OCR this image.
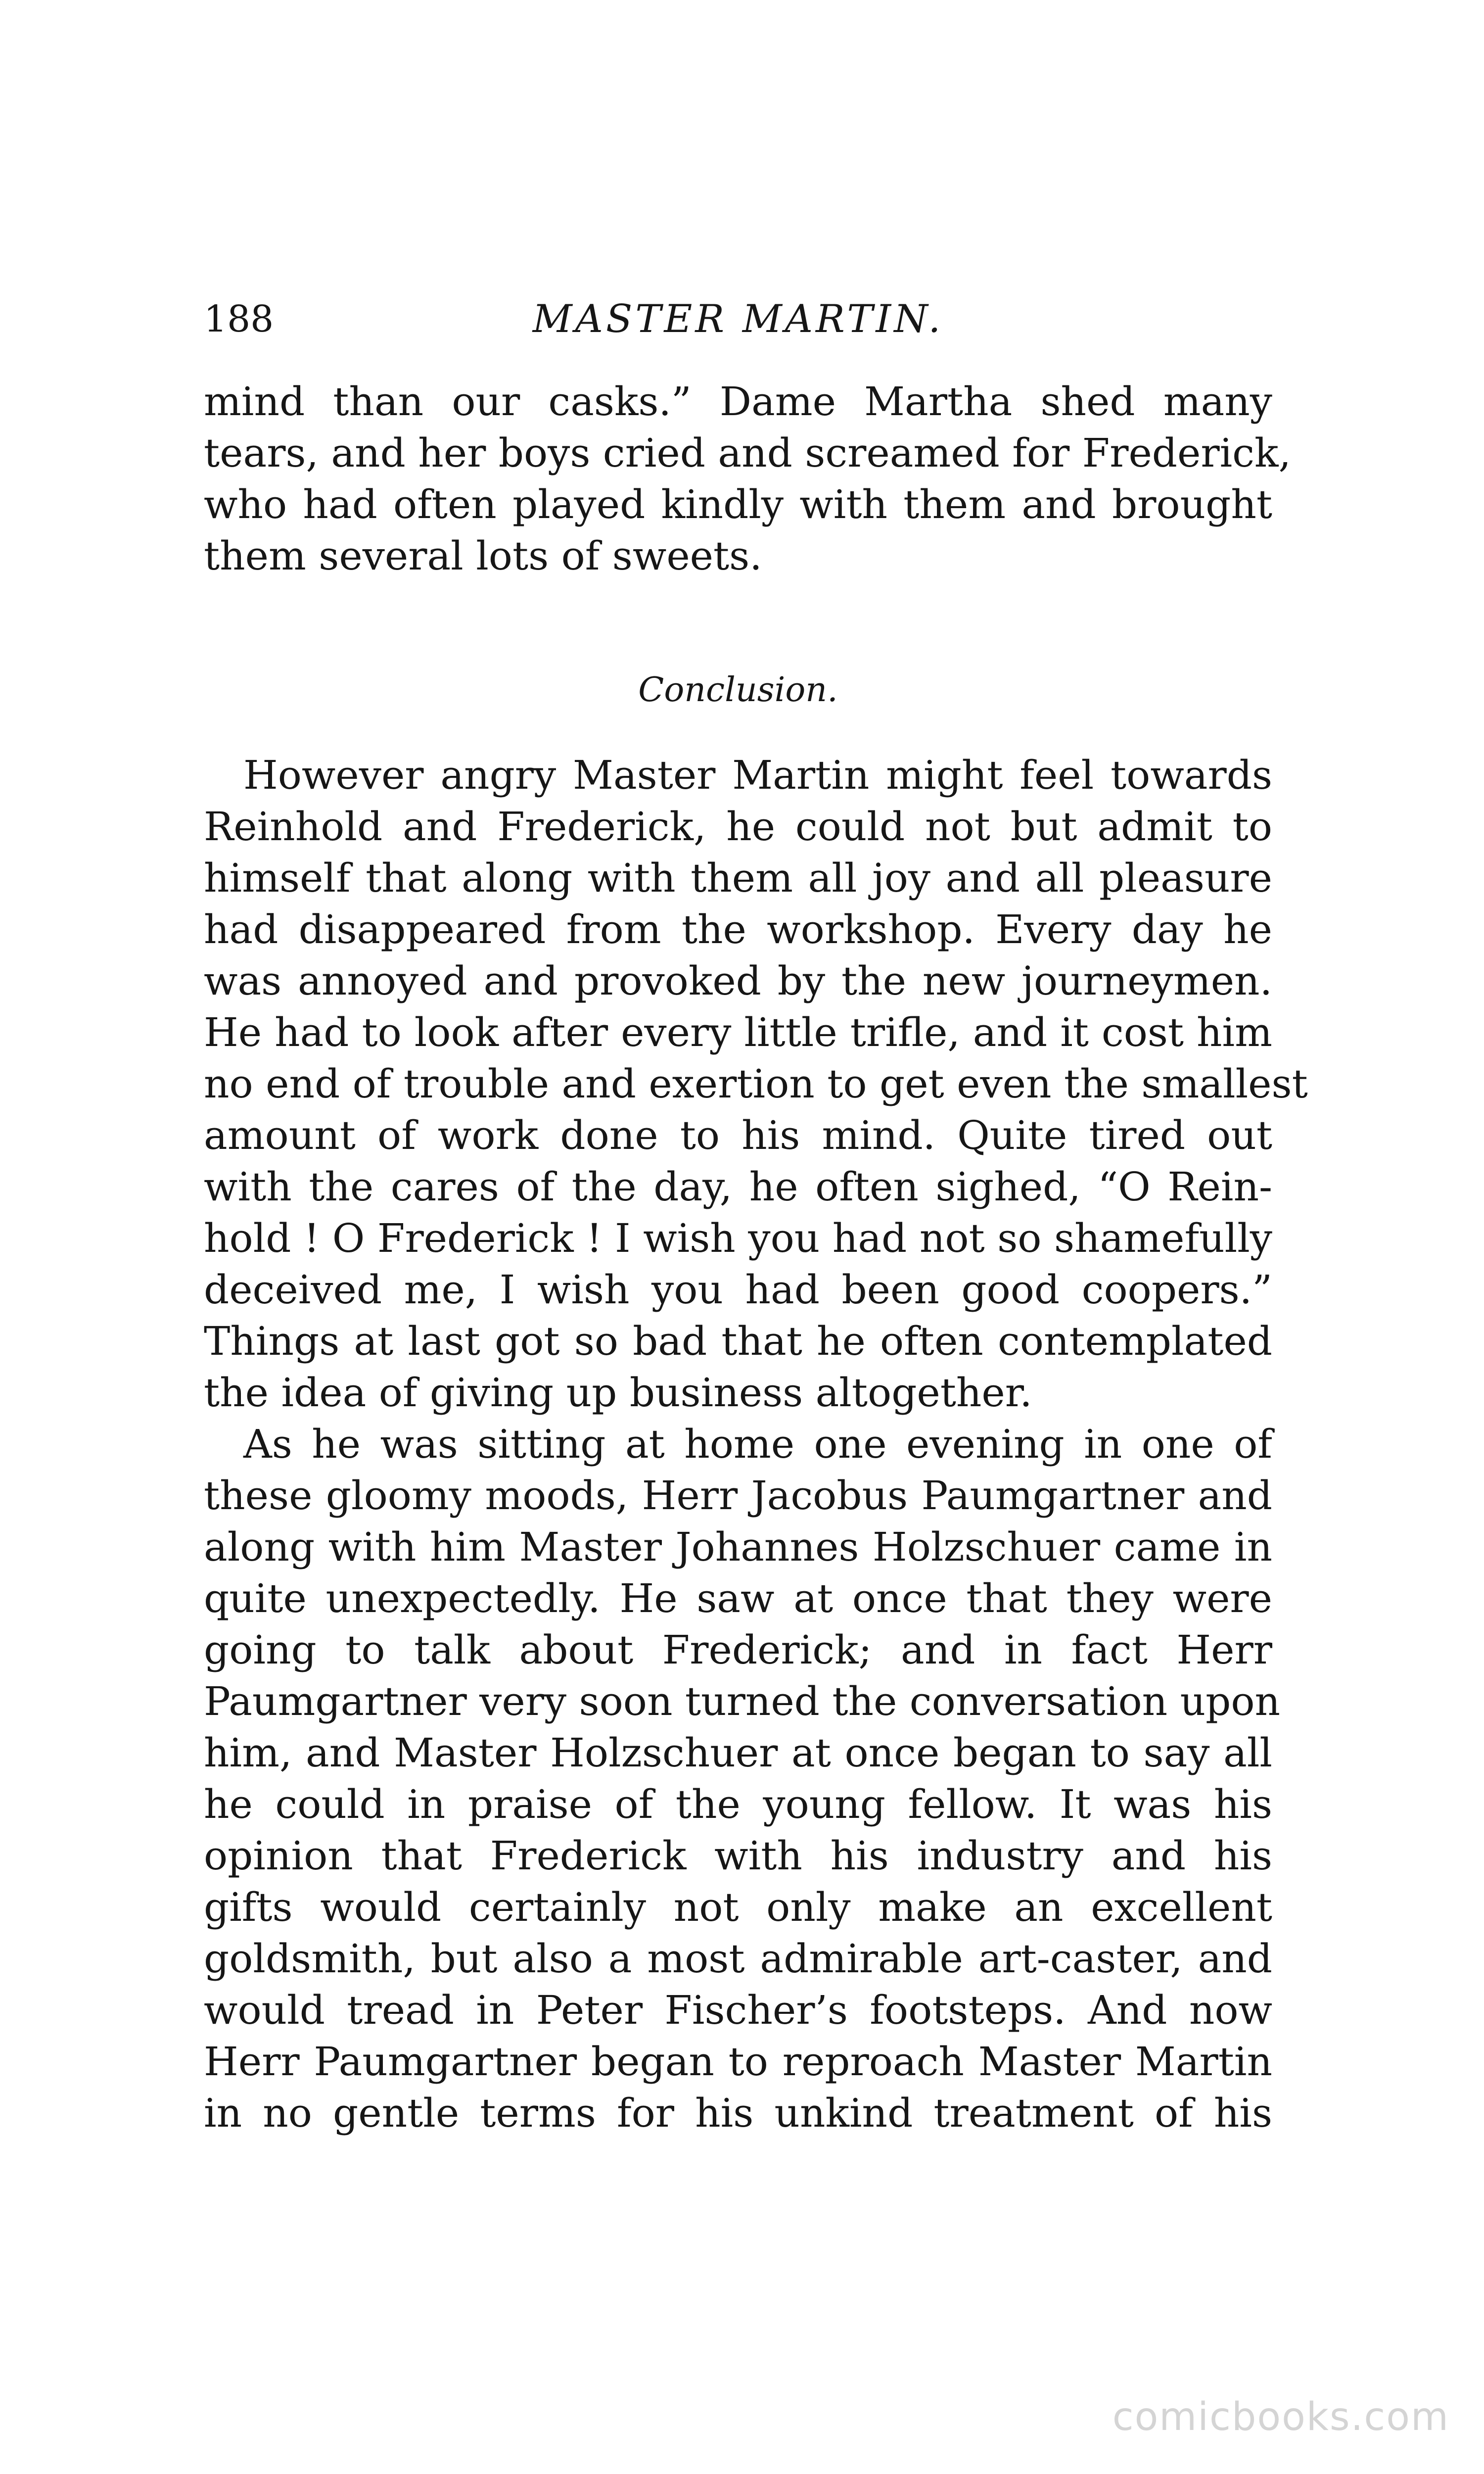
188	MASTER MARTIN.
mind than our casks.” Dame Martha shed many
tears, and her boys cried and screamed for Frederick,
who had often played kindly with them and brought
them several lots of sweets.
Conclusion.
However angry Master Martin might feel towards
Reinhold and Frederick, he could not but admit to
himself that along with them all joy and all pleasure
had disappeared from the workshop. Every day he
was annoyed and provoked by the new journeymen.
He had to look after every little trifle, and it cost him
no end of trouble and exertion to get even the smallest
amount of work done to his mind. Quite tired out
with the cares of the day, he often sighed, “O Rein-
hold ! O Frederick ! I wish you had not so shamefully
deceived me, I wish you had been good coopers.”
Things at last got so bad that he often contemplated
the idea of giving up business altogether.
As he was sitting at home one evening in one of
these gloomy moods, Herr Jacobus Paumgartner and
along with him Master Johannes Holzschuer came in
quite unexpectedly. He saw at once that they were
going to talk about Frederick; and in fact Herr
Paumgartner very soon turned the conversation upon
him, and Master Holzschuer at once began to say all
he could in praise of the young fellow. It was his
opinion that Frederick with his industry and his
gifts would certainly not only make an excellent
goldsmith, but also a most admirable art-caster, and
would tread in Peter Fischer’s footsteps. And now
Herr Paumgartner began to reproach Master Martin
in no gentle terms for his unkind treatment of his
comicbooks.com
